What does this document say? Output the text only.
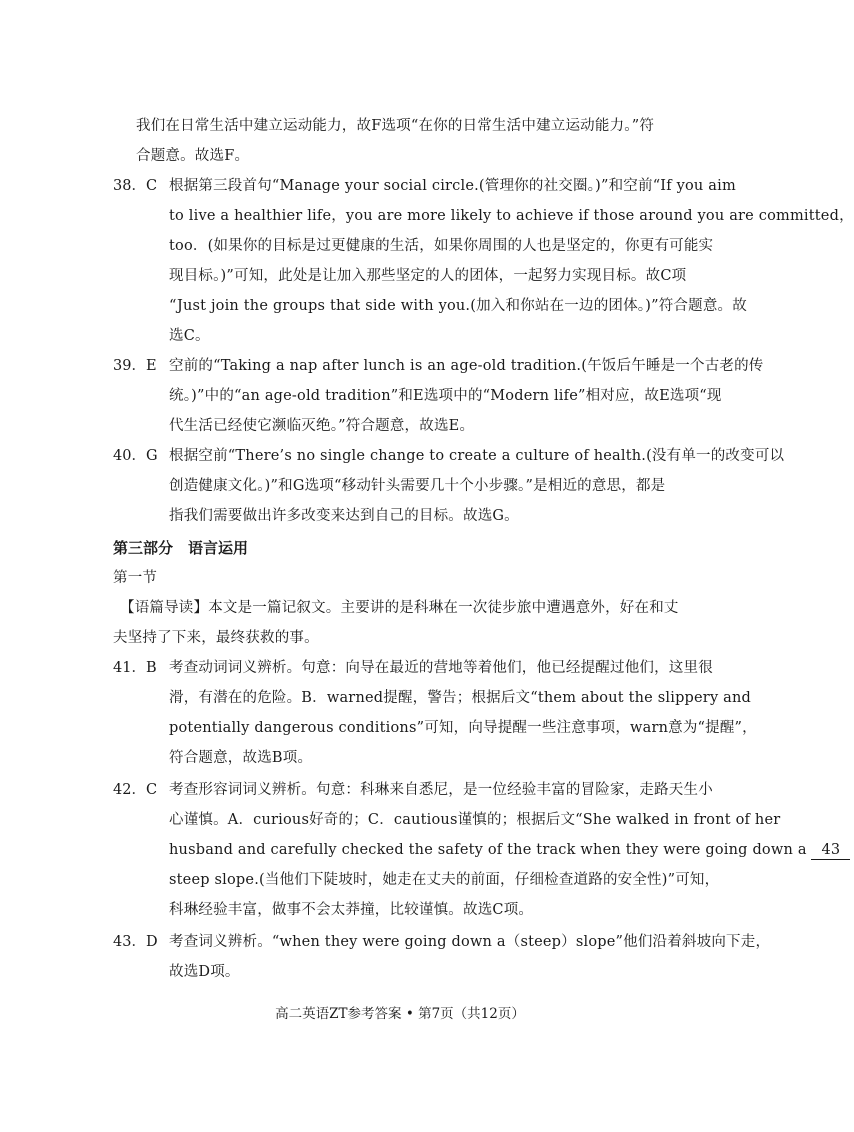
我们在日常生活中建立运动能力，故F选项“在你的日常生活中建立运动能力。”符
合题意。故选F。
38．C 根据第三段首句“Manage your social circle.(管理你的社交圈。)”和空前“If you aim
to live a healthier life，you are more likely to achieve if those around you are committed，
too．(如果你的目标是过更健康的生活，如果你周围的人也是坚定的，你更有可能实
现目标。)”可知，此处是让加入那些坚定的人的团体，一起努力实现目标。故C项
“Just join the groups that side with you.(加入和你站在一边的团体。)”符合题意。故
选C。
39．E 空前的“Taking a nap after lunch is an age-old tradition.(午饭后午睡是一个古老的传
统。)”中的“an age-old tradition”和E选项中的“Modern life”相对应，故E选项“现
代生活已经使它濒临灭绝。”符合题意，故选E。
40．G 根据空前“There’s no single change to create a culture of health.(没有单一的改变可以
创造健康文化。)”和G选项“移动针头需要几十个小步骤。”是相近的意思，都是
指我们需要做出许多改变来达到自己的目标。故选G。
第三部分　语言运用
第一节
【语篇导读】本文是一篇记叙文。主要讲的是科琳在一次徒步旅中遭遇意外，好在和丈
夫坚持了下来，最终获救的事。
41．B 考查动词词义辨析。句意：向导在最近的营地等着他们，他已经提醒过他们，这里很
滑，有潜在的危险。B．warned提醒，警告；根据后文“them about the slippery and
potentially dangerous conditions”可知，向导提醒一些注意事项，warn意为“提醒”，
符合题意，故选B项。
42．C 考查形容词词义辨析。句意：科琳来自悉尼，是一位经验丰富的冒险家，走路天生小
心谨慎。A．curious好奇的；C．cautious谨慎的；根据后文“She walked in front of her
husband and carefully checked the safety of the track when they were going down a 43
steep slope.(当他们下陡坡时，她走在丈夫的前面，仔细检查道路的安全性)”可知，
科琳经验丰富，做事不会太莽撞，比较谨慎。故选C项。
43．D 考查词义辨析。“when they were going down a（steep）slope”他们沿着斜坡向下走，
故选D项。
高二英语ZT参考答案 • 第7页（共12页）
